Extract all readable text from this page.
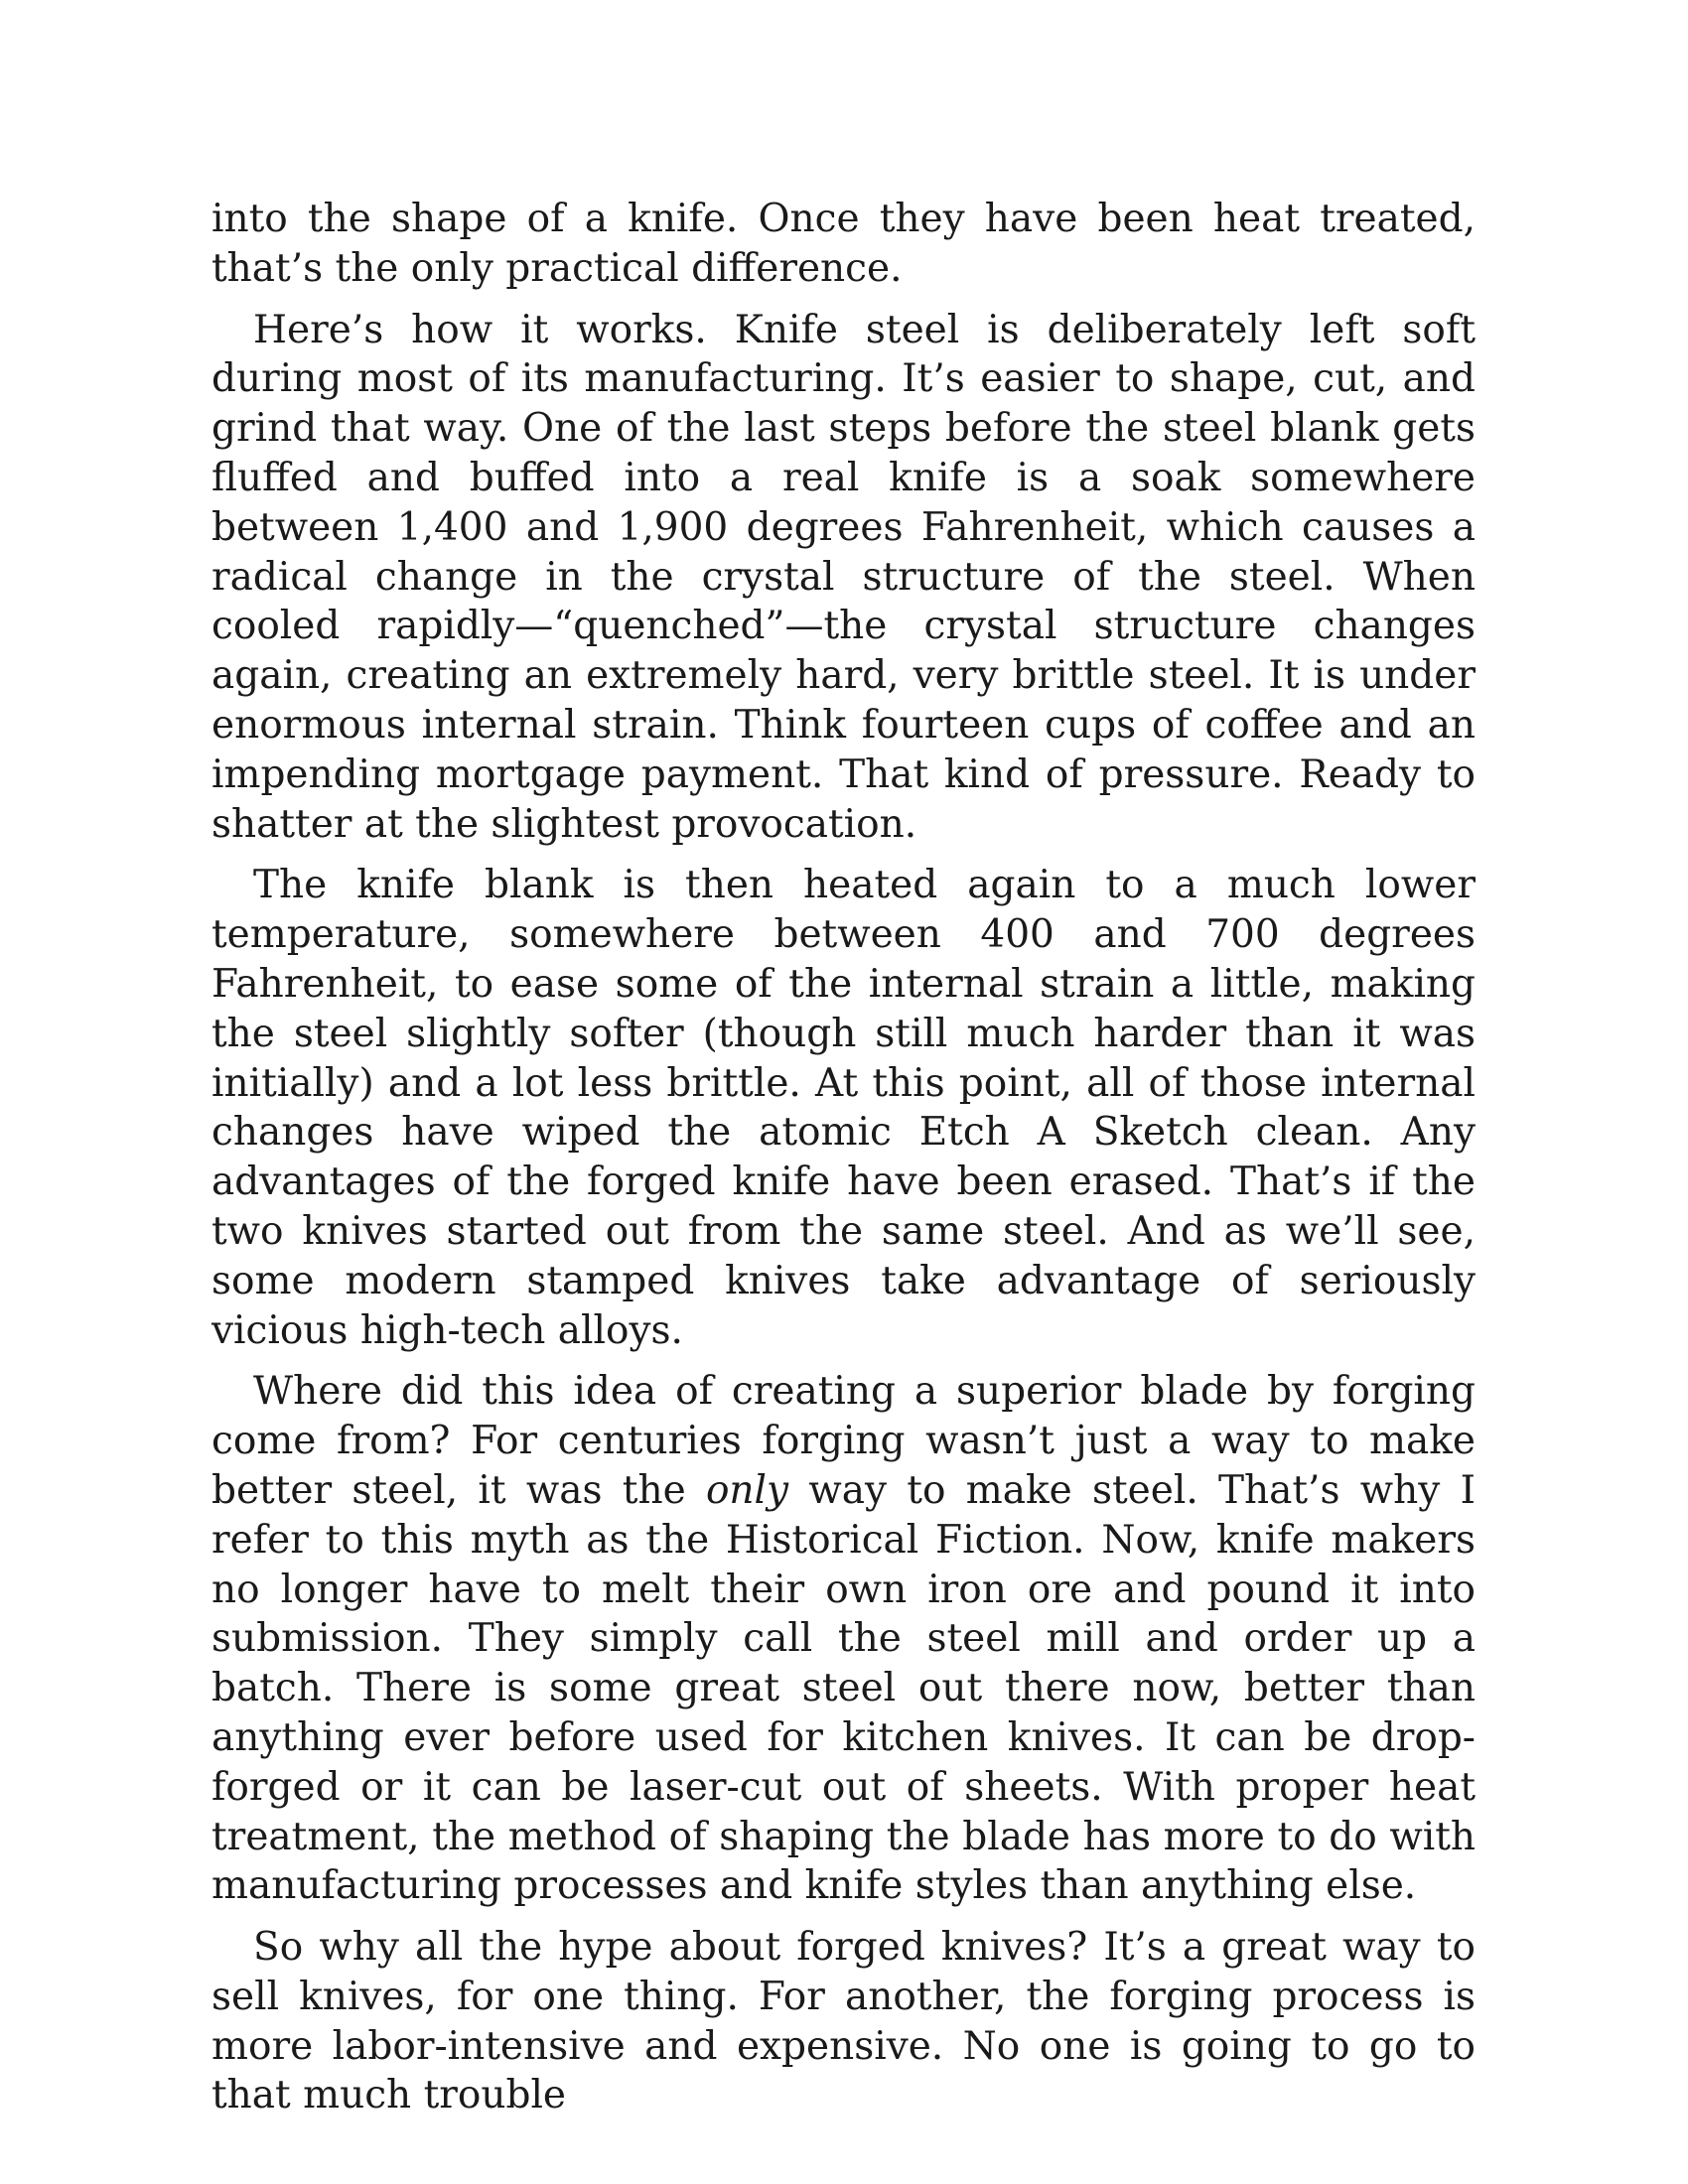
into the shape of a knife. Once they have been heat treated, that’s the only practical difference.

Here’s how it works. Knife steel is deliberately left soft during most of its manufacturing. It’s easier to shape, cut, and grind that way. One of the last steps before the steel blank gets fluffed and buffed into a real knife is a soak somewhere between 1,400 and 1,900 degrees Fahrenheit, which causes a radical change in the crystal structure of the steel. When cooled rapidly—“quenched”—the crystal structure changes again, creating an extremely hard, very brittle steel. It is under enormous internal strain. Think fourteen cups of coffee and an impending mortgage payment. That kind of pressure. Ready to shatter at the slightest provocation.

The knife blank is then heated again to a much lower temperature, somewhere between 400 and 700 degrees Fahrenheit, to ease some of the internal strain a little, making the steel slightly softer (though still much harder than it was initially) and a lot less brittle. At this point, all of those internal changes have wiped the atomic Etch A Sketch clean. Any advantages of the forged knife have been erased. That’s if the two knives started out from the same steel. And as we’ll see, some modern stamped knives take advantage of seriously vicious high-tech alloys.

Where did this idea of creating a superior blade by forging come from? For centuries forging wasn’t just a way to make better steel, it was the only way to make steel. That’s why I refer to this myth as the Historical Fiction. Now, knife makers no longer have to melt their own iron ore and pound it into submission. They simply call the steel mill and order up a batch. There is some great steel out there now, better than anything ever before used for kitchen knives. It can be drop-forged or it can be laser-cut out of sheets. With proper heat treatment, the method of shaping the blade has more to do with manufacturing processes and knife styles than anything else.

So why all the hype about forged knives? It’s a great way to sell knives, for one thing. For another, the forging process is more labor-intensive and expensive. No one is going to go to that much trouble
